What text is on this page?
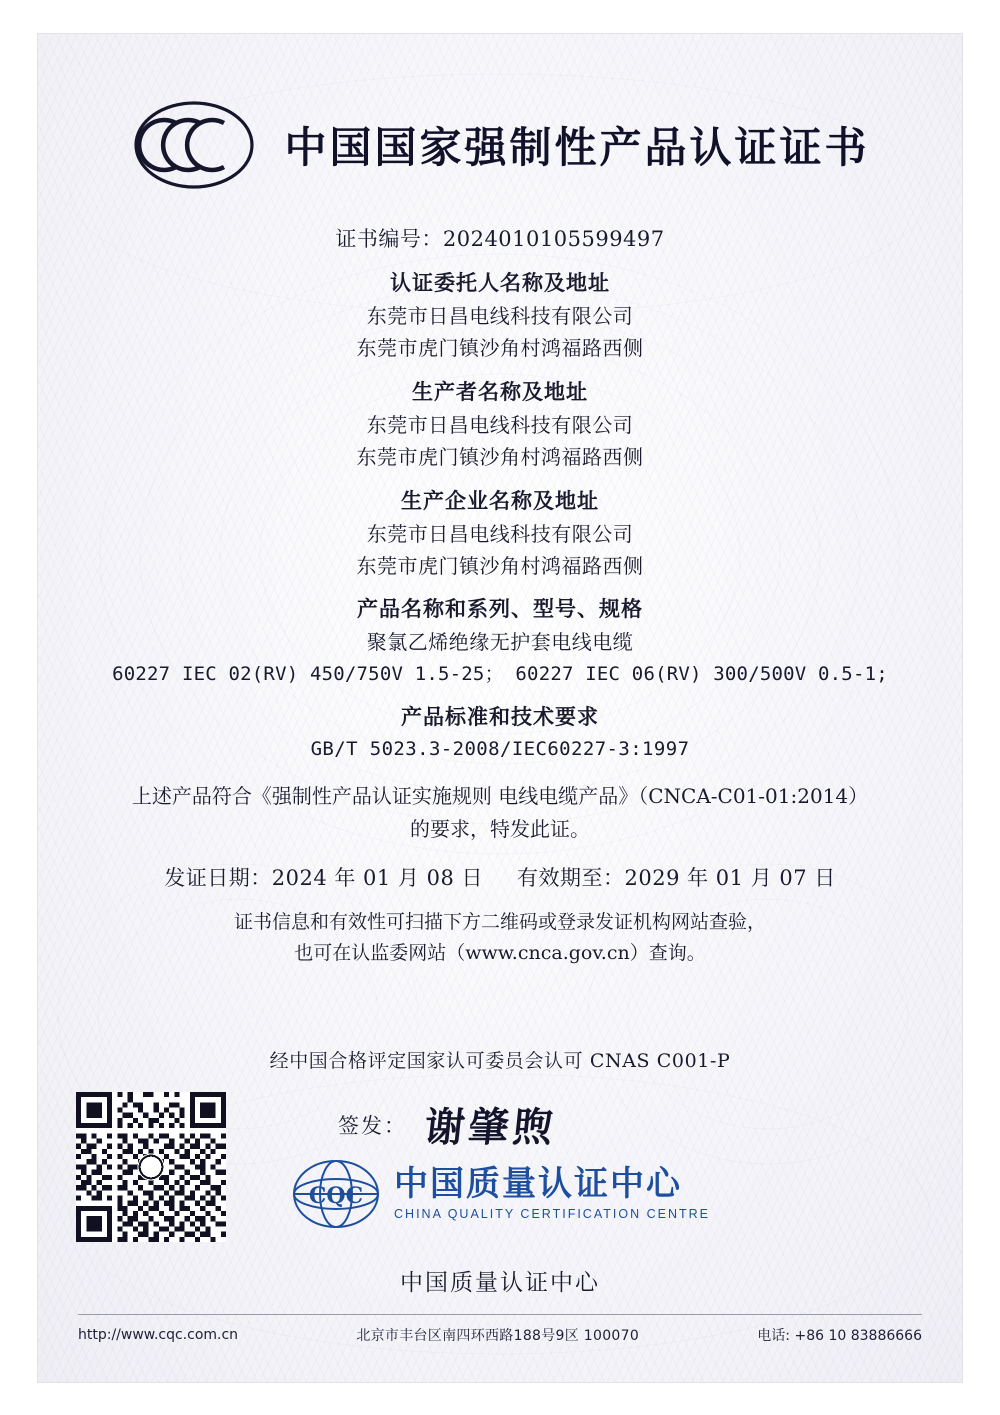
中国国家强制性产品认证证书
证书编号：2024010105599497
认证委托人名称及地址
东莞市日昌电线科技有限公司
东莞市虎门镇沙角村鸿福路西侧
生产者名称及地址
东莞市日昌电线科技有限公司
东莞市虎门镇沙角村鸿福路西侧
生产企业名称及地址
东莞市日昌电线科技有限公司
东莞市虎门镇沙角村鸿福路西侧
产品名称和系列、型号、规格
聚氯乙烯绝缘无护套电线电缆
60227 IEC 02(RV) 450/750V 1.5-25； 60227 IEC 06(RV) 300/500V 0.5-1;
产品标准和技术要求
GB/T 5023.3-2008/IEC60227-3:1997
上述产品符合《强制性产品认证实施规则 电线电缆产品》（CNCA-C01-01:2014）
的要求，特发此证。
发证日期：2024 年 01 月 08 日 有效期至：2029 年 01 月 07 日
证书信息和有效性可扫描下方二维码或登录发证机构网站查验，
也可在认监委网站（www.cnca.gov.cn）查询。
经中国合格评定国家认可委员会认可 CNAS C001-P
签发： 谢肇煦
CQC 中国质量认证中心
CHINA QUALITY CERTIFICATION CENTRE
中国质量认证中心
http://www.cqc.com.cn	北京市丰台区南四环西路188号9区 100070	电话: +86 10 83886666
